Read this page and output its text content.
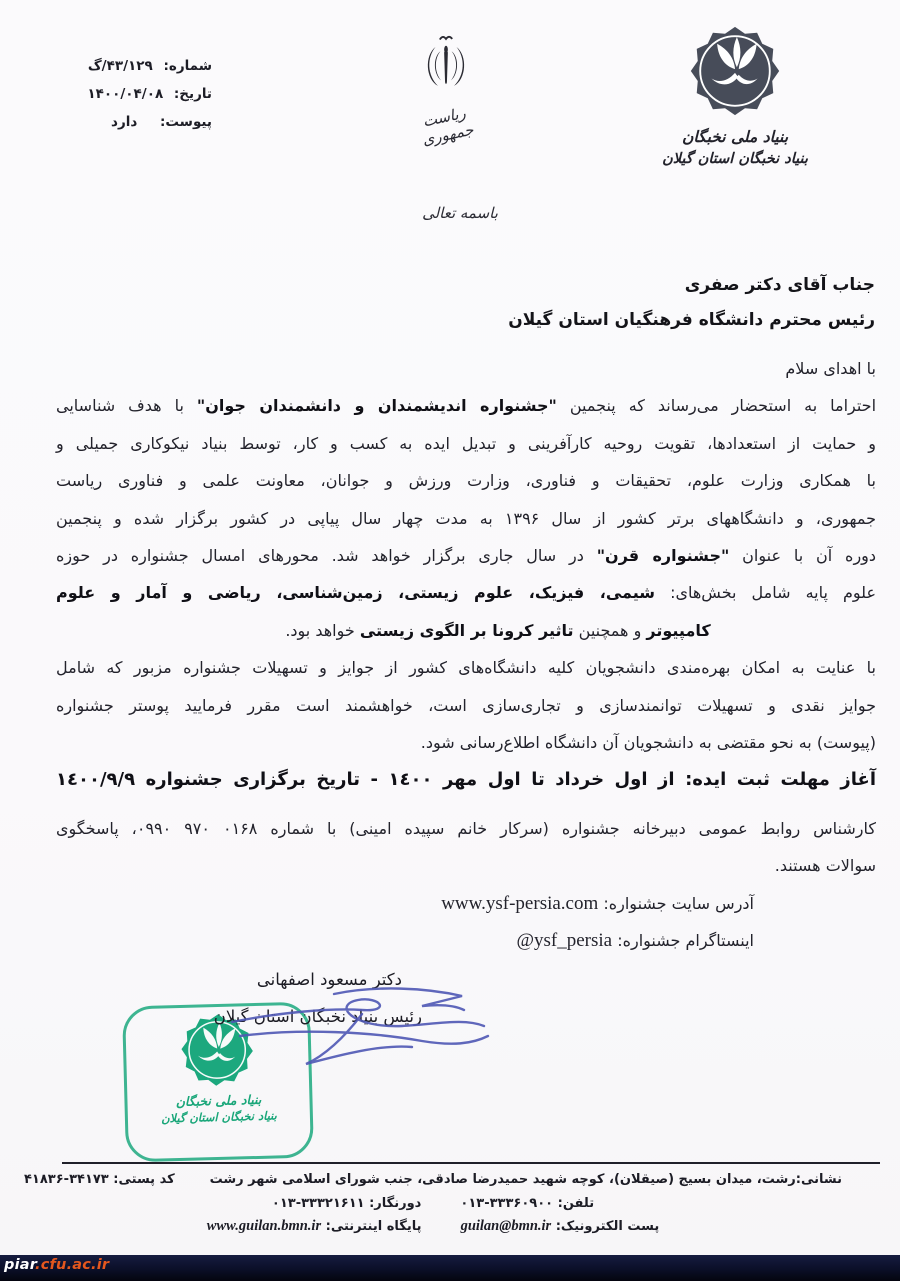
شماره: گ/۴۳/۱۲۹
تاریخ: ۱۴۰۰/۰۴/۰۸
پیوست: دارد	ریاست جمهوری	بنیاد ملی نخبگان
بنیاد نخبگان استان گیلان
باسمه تعالی
جناب آقای دکتر صفری
رئیس محترم دانشگاه فرهنگیان استان گیلان
با اهدای سلام
احتراما به استحضار می‌رساند که پنجمین "جشنواره اندیشمندان و دانشمندان جوان" با هدف شناسایی
و حمایت از استعدادها، تقویت روحیه کارآفرینی و تبدیل ایده به کسب و کار، توسط بنیاد نیکوکاری جمیلی و
با همکاری وزارت علوم، تحقیقات و فناوری، وزارت ورزش و جوانان، معاونت علمی و فناوری ریاست
جمهوری، و دانشگاههای برتر کشور از سال ۱۳۹۶ به مدت چهار سال پیاپی در کشور برگزار شده و پنجمین
دوره آن با عنوان "جشنواره قرن" در سال جاری برگزار خواهد شد. محورهای امسال جشنواره در حوزه
علوم پایه شامل بخش‌های: شیمی، فیزیک، علوم زیستی، زمین‌شناسی، ریاضی و آمار و علوم
کامپیوتر و همچنین تاثیر کرونا بر الگوی زیستی خواهد بود.
با عنایت به امکان بهره‌مندی دانشجویان کلیه دانشگاه‌های کشور از جوایز و تسهیلات جشنواره مزبور که شامل
جوایز نقدی و تسهیلات توانمندسازی و تجاری‌سازی است، خواهشمند است مقرر فرمایید پوستر جشنواره
(پیوست) به نحو مقتضی به دانشجویان آن دانشگاه اطلاع‌رسانی شود.
آغاز مهلت ثبت ایده: از اول خرداد تا اول مهر ١٤٠٠ - تاریخ برگزاری جشنواره ١٤٠٠/٩/٩
کارشناس روابط عمومی دبیرخانه جشنواره (سرکار خانم سپیده امینی) با شماره ۰۹۹۰ ۹۷۰ ۰۱۶۸، پاسخگوی
سوالات هستند.
آدرس سایت جشنواره: www.ysf-persia.com
اینستاگرام جشنواره: @ysf_persia
دکتر مسعود اصفهانی
رئیس بنیاد نخبگان استان گیلان
بنیاد ملی نخبگان
بنیاد نخبگان استان گیلان
نشانی:رشت، میدان بسیج (صیقلان)، کوچه شهید حمیدرضا صادقی، جنب شورای اسلامی شهر رشت
کد پستی: ۴۱۸۳۶-۳۴۱۷۳
تلفن: ۰۱۳-۳۳۳۶۰۹۰۰  دورنگار: ۰۱۳-۳۳۳۲۱۶۱۱
پست الکترونیک: guilan@bmn.ir  پایگاه اینترنتی: www.guilan.bmn.ir
piar.cfu.ac.ir
